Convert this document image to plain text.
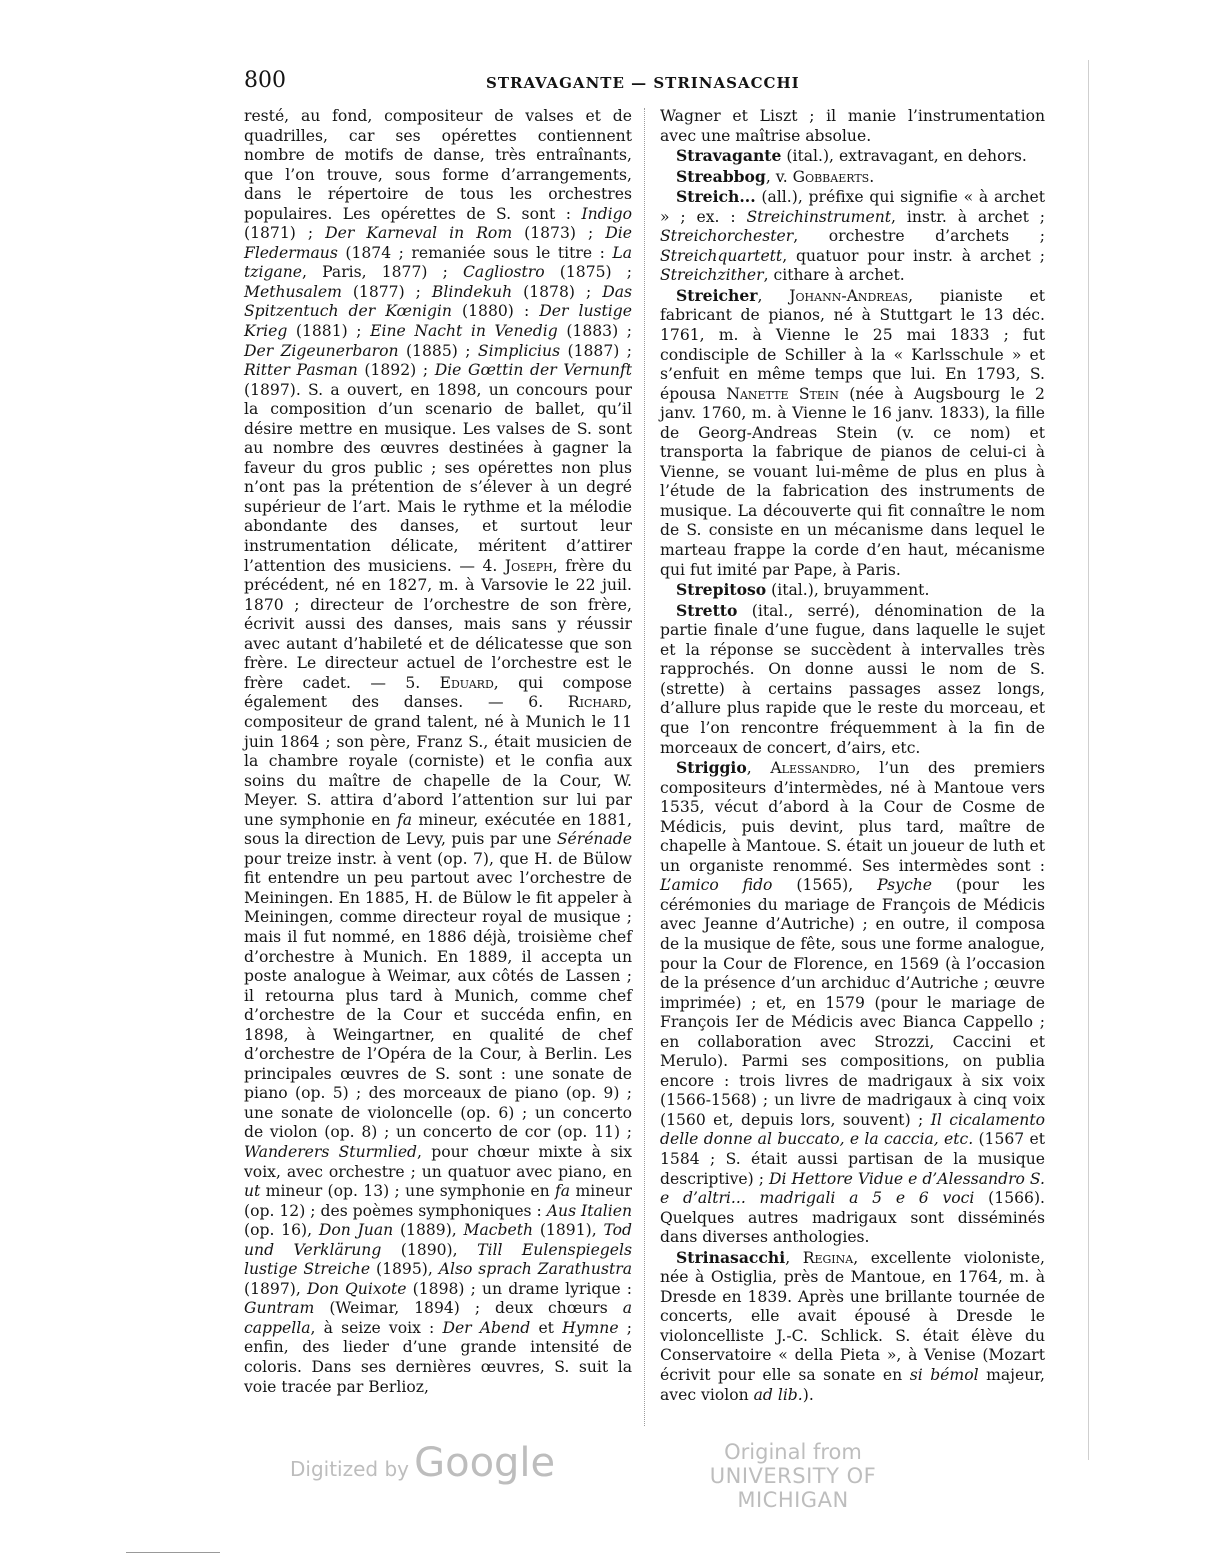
800	STRAVAGANTE — STRINASACCHI

resté, au fond, compositeur de valses et de quadrilles, car ses opérettes contiennent nombre de motifs de danse, très entraînants, que l’on trouve, sous forme d’arrangements, dans le répertoire de tous les orchestres populaires. Les opérettes de S. sont : Indigo (1871) ; Der Karneval in Rom (1873) ; Die Fledermaus (1874 ; remaniée sous le titre : La tzigane, Paris, 1877) ; Cagliostro (1875) ; Methusalem (1877) ; Blindekuh (1878) ; Das Spitzentuch der Kœnigin (1880) : Der lustige Krieg (1881) ; Eine Nacht in Venedig (1883) ; Der Zigeunerbaron (1885) ; Simplicius (1887) ; Ritter Pasman (1892) ; Die Gœttin der Vernunft (1897). S. a ouvert, en 1898, un concours pour la composition d’un scenario de ballet, qu’il désire mettre en musique. Les valses de S. sont au nombre des œuvres destinées à gagner la faveur du gros public ; ses opérettes non plus n’ont pas la prétention de s’élever à un degré supérieur de l’art. Mais le rythme et la mélodie abondante des danses, et surtout leur instrumentation délicate, méritent d’attirer l’attention des musiciens. — 4. Joseph, frère du précédent, né en 1827, m. à Varsovie le 22 juil. 1870 ; directeur de l’orchestre de son frère, écrivit aussi des danses, mais sans y réussir avec autant d’habileté et de délicatesse que son frère. Le directeur actuel de l’orchestre est le frère cadet. — 5. Eduard, qui compose également des danses. — 6. Richard, compositeur de grand talent, né à Munich le 11 juin 1864 ; son père, Franz S., était musicien de la chambre royale (corniste) et le confia aux soins du maître de chapelle de la Cour, W. Meyer. S. attira d’abord l’attention sur lui par une symphonie en fa mineur, exécutée en 1881, sous la direction de Levy, puis par une Sérénade pour treize instr. à vent (op. 7), que H. de Bülow fit entendre un peu partout avec l’orchestre de Meiningen. En 1885, H. de Bülow le fit appeler à Meiningen, comme directeur royal de musique ; mais il fut nommé, en 1886 déjà, troisième chef d’orchestre à Munich. En 1889, il accepta un poste analogue à Weimar, aux côtés de Lassen ; il retourna plus tard à Munich, comme chef d’orchestre de la Cour et succéda enfin, en 1898, à Weingartner, en qualité de chef d’orchestre de l’Opéra de la Cour, à Berlin. Les principales œuvres de S. sont : une sonate de piano (op. 5) ; des morceaux de piano (op. 9) ; une sonate de violoncelle (op. 6) ; un concerto de violon (op. 8) ; un concerto de cor (op. 11) ; Wanderers Sturmlied, pour chœur mixte à six voix, avec orchestre ; un quatuor avec piano, en ut mineur (op. 13) ; une symphonie en fa mineur (op. 12) ; des poèmes symphoniques : Aus Italien (op. 16), Don Juan (1889), Macbeth (1891), Tod und Verklärung (1890), Till Eulenspiegels lustige Streiche (1895), Also sprach Zarathustra (1897), Don Quixote (1898) ; un drame lyrique : Guntram (Weimar, 1894) ; deux chœurs a cappella, à seize voix : Der Abend et Hymne ; enfin, des lieder d’une grande intensité de coloris. Dans ses dernières œuvres, S. suit la voie tracée par Berlioz,

Wagner et Liszt ; il manie l’instrumentation avec une maîtrise absolue.

Stravagante (ital.), extravagant, en dehors.

Streabbog, v. Gobbaerts.

Streich... (all.), préfixe qui signifie « à archet » ; ex. : Streichinstrument, instr. à archet ; Streichorchester, orchestre d’archets ; Streichquartett, quatuor pour instr. à archet ; Streichzither, cithare à archet.

Streicher, Johann-Andreas, pianiste et fabricant de pianos, né à Stuttgart le 13 déc. 1761, m. à Vienne le 25 mai 1833 ; fut condisciple de Schiller à la « Karlsschule » et s’enfuit en même temps que lui. En 1793, S. épousa Nanette Stein (née à Augsbourg le 2 janv. 1760, m. à Vienne le 16 janv. 1833), la fille de Georg-Andreas Stein (v. ce nom) et transporta la fabrique de pianos de celui-ci à Vienne, se vouant lui-même de plus en plus à l’étude de la fabrication des instruments de musique. La découverte qui fit connaître le nom de S. consiste en un mécanisme dans lequel le marteau frappe la corde d’en haut, mécanisme qui fut imité par Pape, à Paris.

Strepitoso (ital.), bruyamment.

Stretto (ital., serré), dénomination de la partie finale d’une fugue, dans laquelle le sujet et la réponse se succèdent à intervalles très rapprochés. On donne aussi le nom de S. (strette) à certains passages assez longs, d’allure plus rapide que le reste du morceau, et que l’on rencontre fréquemment à la fin de morceaux de concert, d’airs, etc.

Striggio, Alessandro, l’un des premiers compositeurs d’intermèdes, né à Mantoue vers 1535, vécut d’abord à la Cour de Cosme de Médicis, puis devint, plus tard, maître de chapelle à Mantoue. S. était un joueur de luth et un organiste renommé. Ses intermèdes sont : L’amico fido (1565), Psyche (pour les cérémonies du mariage de François de Médicis avec Jeanne d’Autriche) ; en outre, il composa de la musique de fête, sous une forme analogue, pour la Cour de Florence, en 1569 (à l’occasion de la présence d’un archiduc d’Autriche ; œuvre imprimée) ; et, en 1579 (pour le mariage de François Ier de Médicis avec Bianca Cappello ; en collaboration avec Strozzi, Caccini et Merulo). Parmi ses compositions, on publia encore : trois livres de madrigaux à six voix (1566-1568) ; un livre de madrigaux à cinq voix (1560 et, depuis lors, souvent) ; Il cicalamento delle donne al buccato, e la caccia, etc. (1567 et 1584 ; S. était aussi partisan de la musique descriptive) ; Di Hettore Vidue e d’Alessandro S. e d’altri... madrigali a 5 e 6 voci (1566). Quelques autres madrigaux sont disséminés dans diverses anthologies.

Strinasacchi, Regina, excellente violoniste, née à Ostiglia, près de Mantoue, en 1764, m. à Dresde en 1839. Après une brillante tournée de concerts, elle avait épousé à Dresde le violoncelliste J.-C. Schlick. S. était élève du Conservatoire « della Pieta », à Venise (Mozart écrivit pour elle sa sonate en si bémol majeur, avec violon ad lib.).

Digitized by Google	Original from
UNIVERSITY OF MICHIGAN
